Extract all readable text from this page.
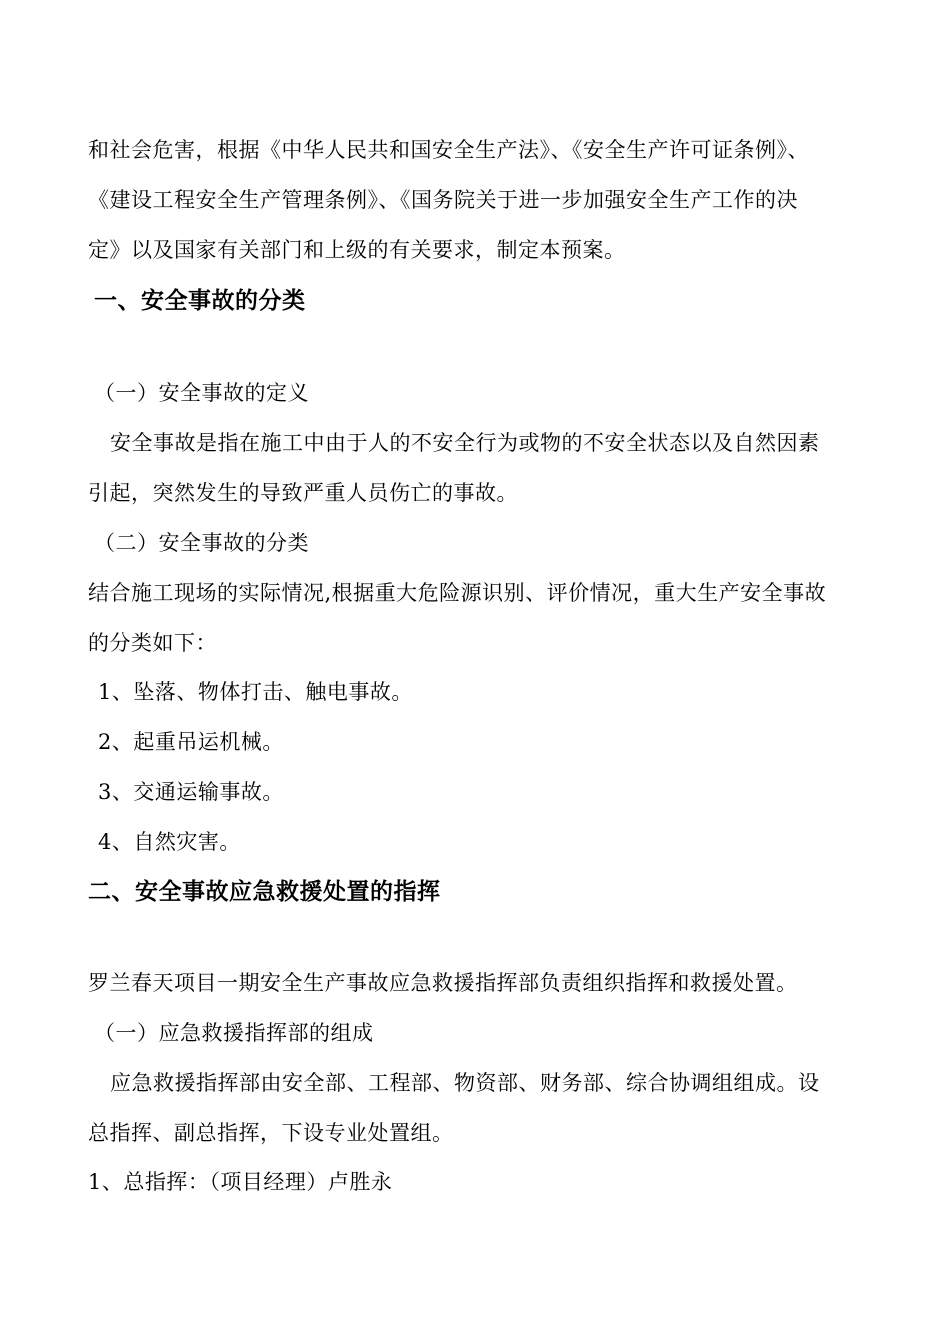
和社会危害，根据《中华人民共和国安全生产法》、《安全生产许可证条例》、
《建设工程安全生产管理条例》、《国务院关于进一步加强安全生产工作的决
定》以及国家有关部门和上级的有关要求，制定本预案。
一、安全事故的分类
（一）安全事故的定义
安全事故是指在施工中由于人的不安全行为或物的不安全状态以及自然因素
引起，突然发生的导致严重人员伤亡的事故。
（二）安全事故的分类
结合施工现场的实际情况,根据重大危险源识别、评价情况，重大生产安全事故
的分类如下：
1、坠落、物体打击、触电事故。
2、起重吊运机械。
3、交通运输事故。
4、自然灾害。
二、安全事故应急救援处置的指挥
罗兰春天项目一期安全生产事故应急救援指挥部负责组织指挥和救援处置。
（一）应急救援指挥部的组成
应急救援指挥部由安全部、工程部、物资部、财务部、综合协调组组成。设
总指挥、副总指挥，下设专业处置组。
1、总指挥：（项目经理）卢胜永
